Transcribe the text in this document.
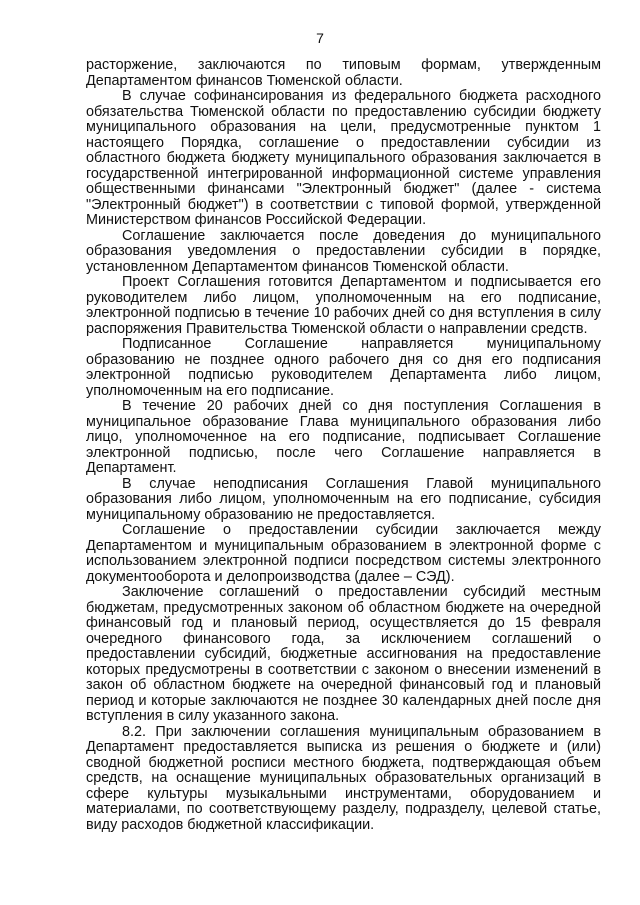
7

расторжение, заключаются по типовым формам, утвержденным Департаментом финансов Тюменской области.

В случае софинансирования из федерального бюджета расходного обязательства Тюменской области по предоставлению субсидии бюджету муниципального образования на цели, предусмотренные пунктом 1 настоящего Порядка, соглашение о предоставлении субсидии из областного бюджета бюджету муниципального образования заключается в государственной интегрированной информационной системе управления общественными финансами "Электронный бюджет" (далее - система "Электронный бюджет") в соответствии с типовой формой, утвержденной Министерством финансов Российской Федерации.

Соглашение заключается после доведения до муниципального образования уведомления о предоставлении субсидии в порядке, установленном Департаментом финансов Тюменской области.

Проект Соглашения готовится Департаментом и подписывается его руководителем либо лицом, уполномоченным на его подписание, электронной подписью в течение 10 рабочих дней со дня вступления в силу распоряжения Правительства Тюменской области о направлении средств.

Подписанное Соглашение направляется муниципальному образованию не позднее одного рабочего дня со дня его подписания электронной подписью руководителем Департамента либо лицом, уполномоченным на его подписание.

В течение 20 рабочих дней со дня поступления Соглашения в муниципальное образование Глава муниципального образования либо лицо, уполномоченное на его подписание, подписывает Соглашение электронной подписью, после чего Соглашение направляется в Департамент.

В случае неподписания Соглашения Главой муниципального образования либо лицом, уполномоченным на его подписание, субсидия муниципальному образованию не предоставляется.

Соглашение о предоставлении субсидии заключается между Департаментом и муниципальным образованием в электронной форме с использованием электронной подписи посредством системы электронного документооборота и делопроизводства (далее – СЭД).

Заключение соглашений о предоставлении субсидий местным бюджетам, предусмотренных законом об областном бюджете на очередной финансовый год и плановый период, осуществляется до 15 февраля очередного финансового года, за исключением соглашений о предоставлении субсидий, бюджетные ассигнования на предоставление которых предусмотрены в соответствии с законом о внесении изменений в закон об областном бюджете на очередной финансовый год и плановый период и которые заключаются не позднее 30 календарных дней после дня вступления в силу указанного закона.

8.2. При заключении соглашения муниципальным образованием в Департамент предоставляется выписка из решения о бюджете и (или) сводной бюджетной росписи местного бюджета, подтверждающая объем средств, на оснащение муниципальных образовательных организаций в сфере культуры музыкальными инструментами, оборудованием и материалами, по соответствующему разделу, подразделу, целевой статье, виду расходов бюджетной классификации.
